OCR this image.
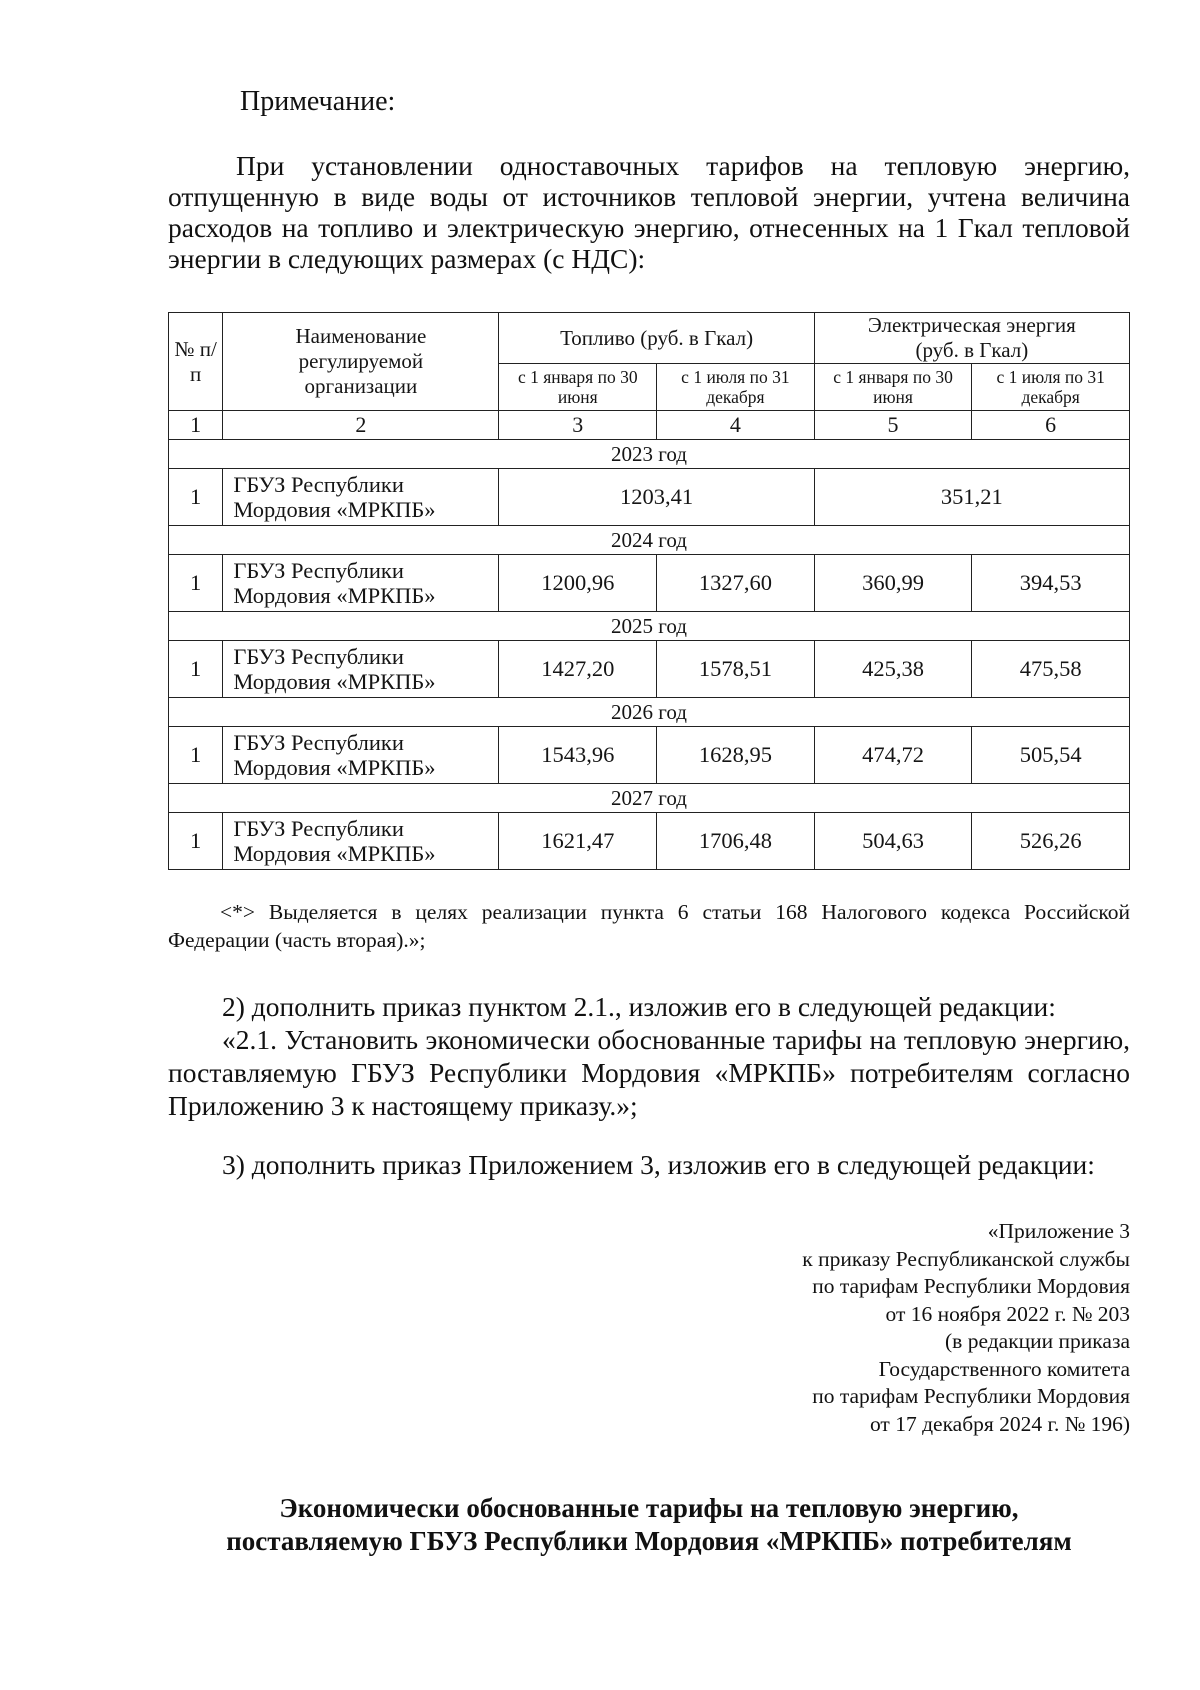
Примечание:

При установлении одноставочных тарифов на тепловую энергию, отпущенную в виде воды от источников тепловой энергии, учтена величина расходов на топливо и электрическую энергию, отнесенных на 1 Гкал тепловой энергии в следующих размерах (с НДС):

№ п/п	Наименование регулируемой организации	Топливо (руб. в Гкал)		Электрическая энергия (руб. в Гкал)	
		с 1 января по 30 июня	с 1 июля по 31 декабря	с 1 января по 30 июня	с 1 июля по 31 декабря
1	2	3	4	5	6
2023 год					
1	ГБУЗ Республики Мордовия «МРКПБ»	1203,41		351,21	
2024 год					
1	ГБУЗ Республики Мордовия «МРКПБ»	1200,96	1327,60	360,99	394,53
2025 год					
1	ГБУЗ Республики Мордовия «МРКПБ»	1427,20	1578,51	425,38	475,58
2026 год					
1	ГБУЗ Республики Мордовия «МРКПБ»	1543,96	1628,95	474,72	505,54
2027 год					
1	ГБУЗ Республики Мордовия «МРКПБ»	1621,47	1706,48	504,63	526,26

<*> Выделяется в целях реализации пункта 6 статьи 168 Налогового кодекса Российской Федерации (часть вторая).»;

2) дополнить приказ пунктом 2.1., изложив его в следующей редакции:

«2.1. Установить экономически обоснованные тарифы на тепловую энергию, поставляемую ГБУЗ Республики Мордовия «МРКПБ» потребителям согласно Приложению 3 к настоящему приказу.»;

3) дополнить приказ Приложением 3, изложив его в следующей редакции:

«Приложение 3
к приказу Республиканской службы
по тарифам Республики Мордовия
от 16 ноября 2022 г. № 203
(в редакции приказа
Государственного комитета
по тарифам Республики Мордовия
от 17 декабря 2024 г. № 196)
Экономически обоснованные тарифы на тепловую энергию,
поставляемую ГБУЗ Республики Мордовия «МРКПБ» потребителям
